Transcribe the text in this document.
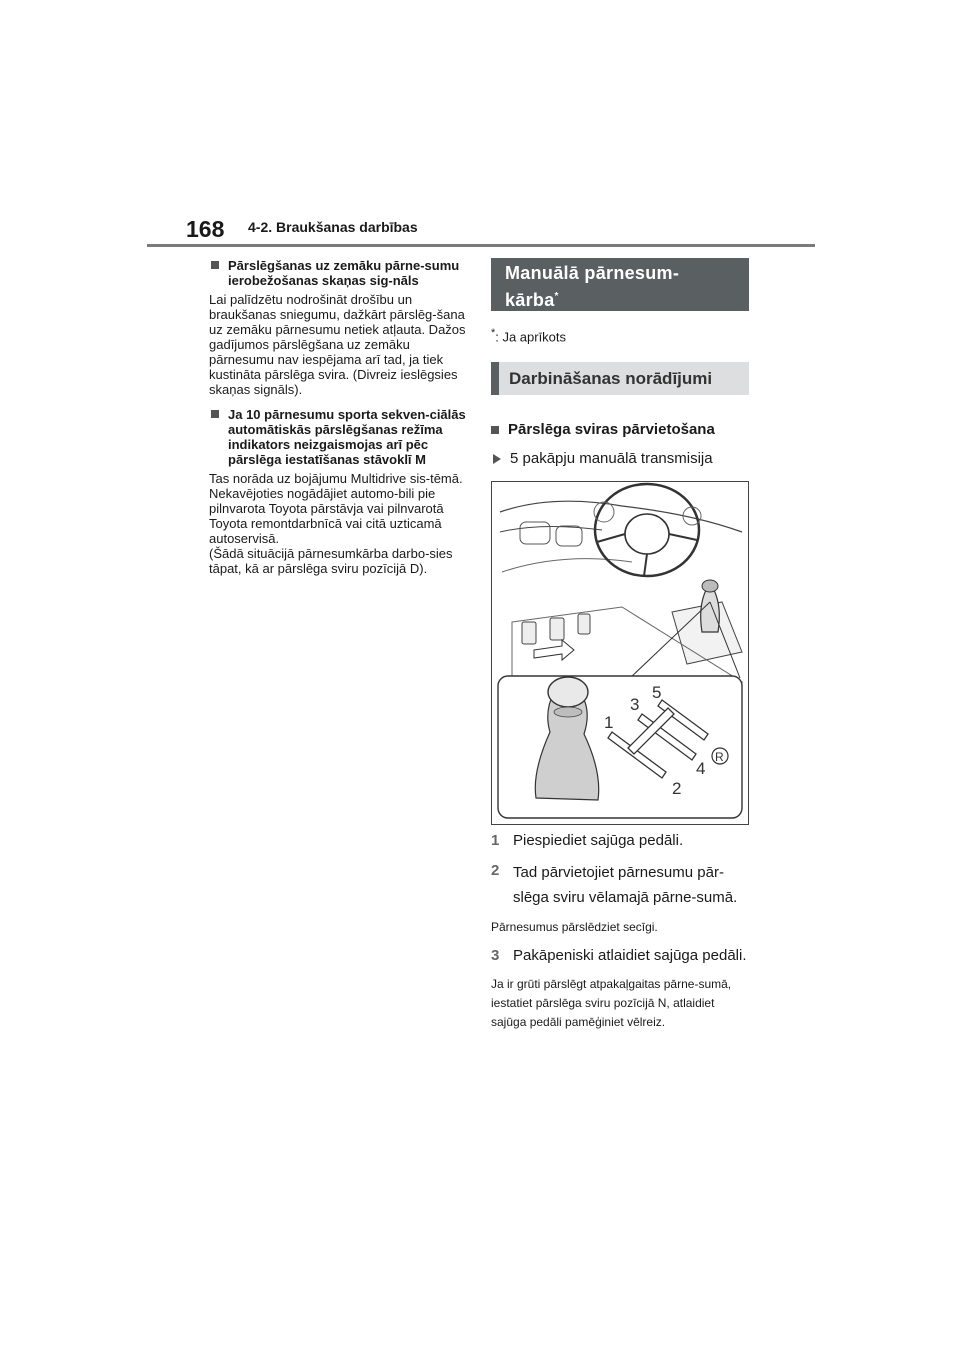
168 4-2. Braukšanas darbības
Pārslēgšanas uz zemāku pārne-sumu ierobežošanas skaņas sig-nāls

Lai palīdzētu nodrošināt drošību un braukšanas sniegumu, dažkārt pārslēg-šana uz zemāku pārnesumu netiek atļauta. Dažos gadījumos pārslēgšana uz zemāku pārnesumu nav iespējama arī tad, ja tiek kustināta pārslēga svira. (Divreiz ieslēgsies skaņas signāls).

Ja 10 pārnesumu sporta sekven-ciālās automātiskās pārslēgšanas režīma indikators neizgaismojas arī pēc pārslēga iestatīšanas stāvoklī M

Tas norāda uz bojājumu Multidrive sis-tēmā. Nekavējoties nogādājiet automo-bili pie pilnvarota Toyota pārstāvja vai pilnvarotā Toyota remontdarbnīcā vai citā uzticamā autoservisā.

(Šādā situācijā pārnesumkārba darbo-sies tāpat, kā ar pārslēga sviru pozīcijā D).

Manuālā pārnesum-
kārba*
*: Ja aprīkots
Darbināšanas norādījumi
Pārslēga sviras pārvietošana
5 pakāpju manuālā transmisija
1
3
5
2
4
R
1 Piespiediet sajūga pedāli.
2 Tad pārvietojiet pārnesumu pār-slēga sviru vēlamajā pārne-sumā.
Pārnesumus pārslēdziet secīgi.
3 Pakāpeniski atlaidiet sajūga pedāli.
Ja ir grūti pārslēgt atpakaļgaitas pārne-sumā, iestatiet pārslēga sviru pozīcijā N, atlaidiet sajūga pedāli pamēģiniet vēlreiz.
